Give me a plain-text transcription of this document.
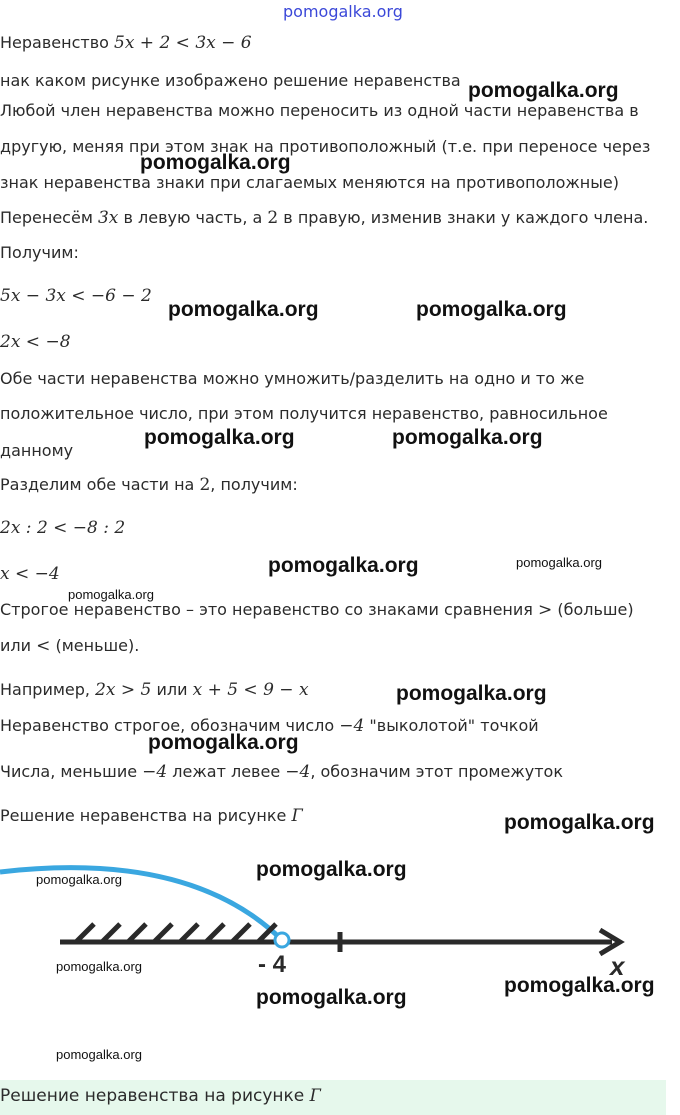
pomogalka.org
Неравенство 5x + 2 < 3x − 6
нак каком рисунке изображено решение неравенства
Любой член неравенства можно переносить из одной части неравенства в
другую, меняя при этом знак на противоположный (т.е. при переносе через
знак неравенства знаки при слагаемых меняются на противоположные)
Перенесём 3x в левую часть, а 2 в правую, изменив знаки у каждого члена.
Получим:
5x − 3x < −6 − 2
2x < −8
Обе части неравенства можно умножить/разделить на одно и то же
положительное число, при этом получится неравенство, равносильное
данному
Разделим обе части на 2, получим:
2x : 2 < −8 : 2
x < −4
Строгое неравенство – это неравенство со знаками сравнения > (больше)
или < (меньше).
Например, 2x > 5 или x + 5 < 9 − x
Неравенство строгое, обозначим число −4 "выколотой" точкой
Числа, меньшие −4 лежат левее −4, обозначим этот промежуток
Решение неравенства на рисунке Г
- 4	x
Решение неравенства на рисунке Г
pomogalka.org
pomogalka.org
pomogalka.org	pomogalka.org
pomogalka.org	pomogalka.org
pomogalka.org	pomogalka.org
pomogalka.org
pomogalka.org
pomogalka.org
pomogalka.org
pomogalka.org
pomogalka.org
pomogalka.org
pomogalka.org
pomogalka.org
pomogalka.org
